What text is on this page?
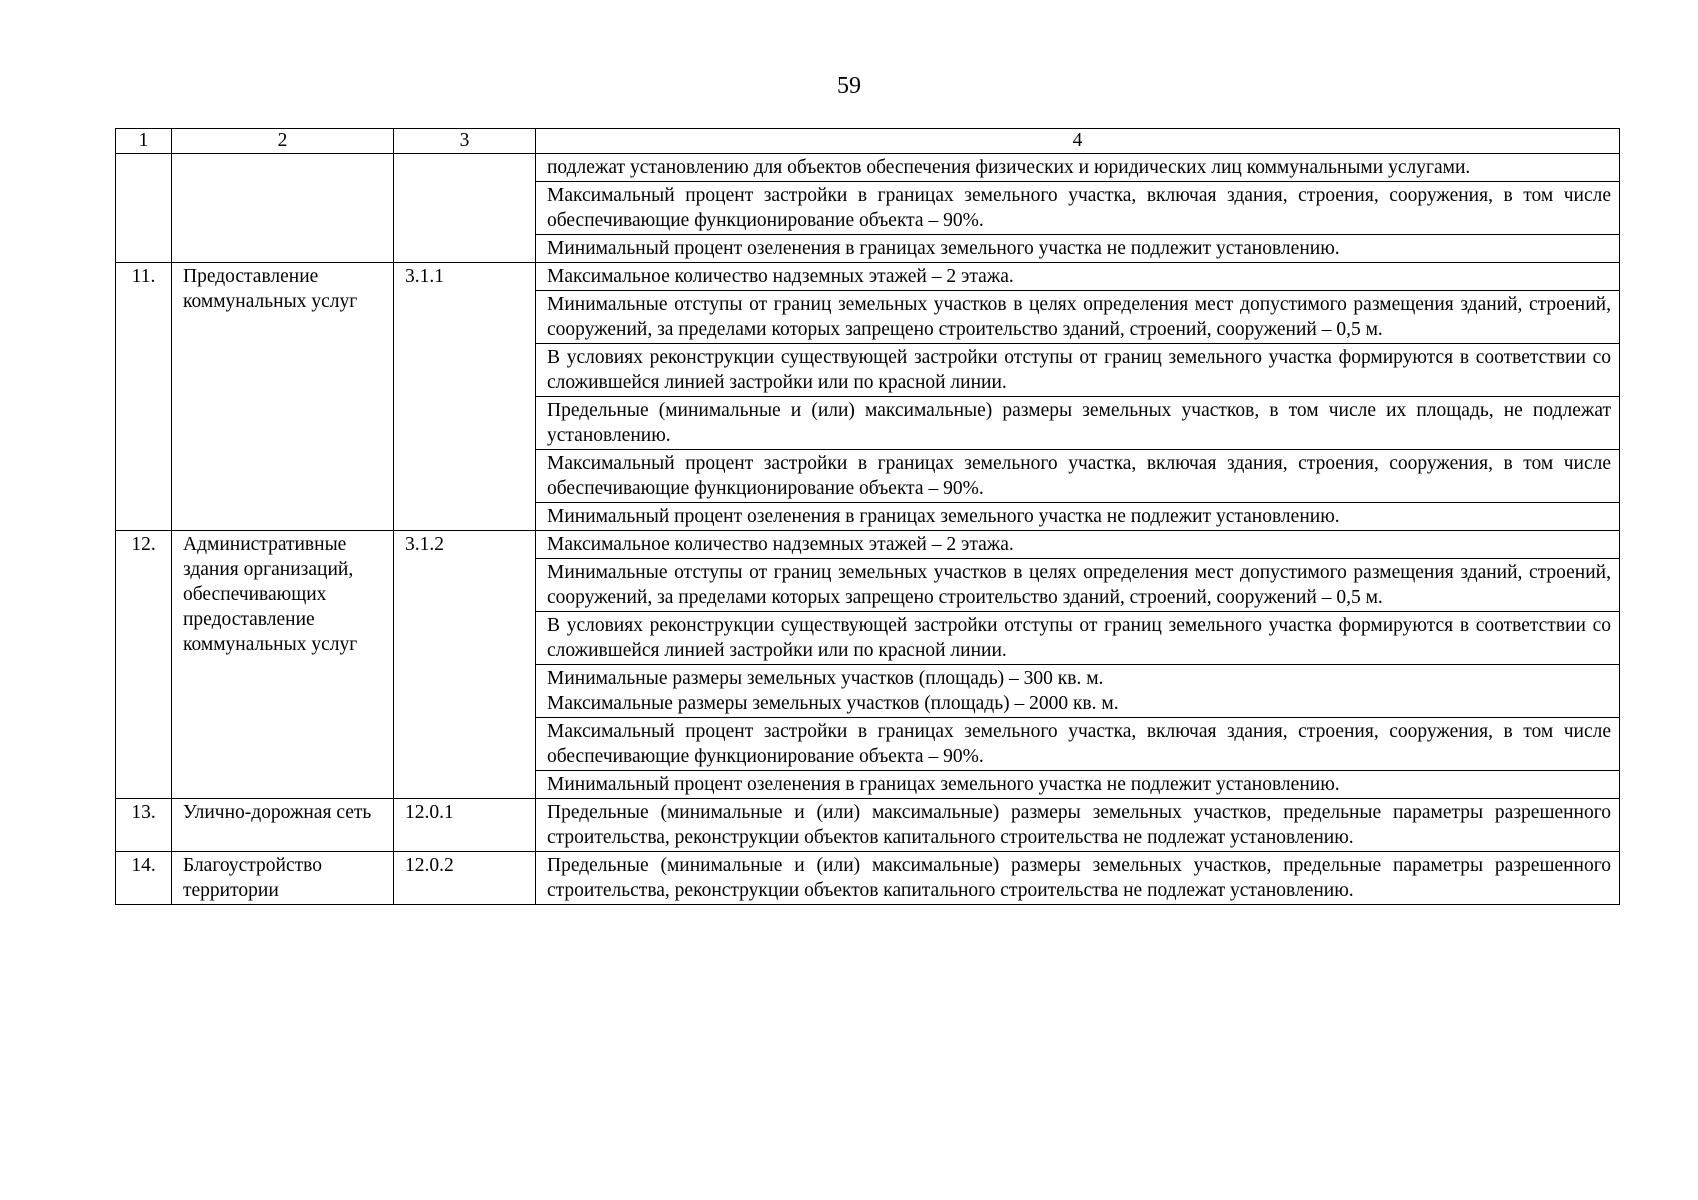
59
1	2	3	4

			подлежат установлению для объектов обеспечения физических и юридических лиц коммунальными услугами.

			Максимальный процент застройки в границах земельного участка, включая здания, строения, сооружения, в том числе обеспечивающие функционирование объекта – 90%.

			Минимальный процент озеленения в границах земельного участка не подлежит установлению.

11.	Предоставление коммунальных услуг	3.1.1	Максимальное количество надземных этажей – 2 этажа.

			Минимальные отступы от границ земельных участков в целях определения мест допустимого размещения зданий, строений, сооружений, за пределами которых запрещено строительство зданий, строений, сооружений – 0,5 м.

			В условиях реконструкции существующей застройки отступы от границ земельного участка формируются в соответствии со сложившейся линией застройки или по красной линии.

			Предельные (минимальные и (или) максимальные) размеры земельных участков, в том числе их площадь, не подлежат установлению.

			Максимальный процент застройки в границах земельного участка, включая здания, строения, сооружения, в том числе обеспечивающие функционирование объекта – 90%.

			Минимальный процент озеленения в границах земельного участка не подлежит установлению.

12.	Административные здания организаций, обеспечивающих предоставление коммунальных услуг	3.1.2	Максимальное количество надземных этажей – 2 этажа.

			Минимальные отступы от границ земельных участков в целях определения мест допустимого размещения зданий, строений, сооружений, за пределами которых запрещено строительство зданий, строений, сооружений – 0,5 м.

			В условиях реконструкции существующей застройки отступы от границ земельного участка формируются в соответствии со сложившейся линией застройки или по красной линии.

			Минимальные размеры земельных участков (площадь) – 300 кв. м.
Максимальные размеры земельных участков (площадь) – 2000 кв. м.

			Максимальный процент застройки в границах земельного участка, включая здания, строения, сооружения, в том числе обеспечивающие функционирование объекта – 90%.

			Минимальный процент озеленения в границах земельного участка не подлежит установлению.

13.	Улично-дорожная сеть	12.0.1	Предельные (минимальные и (или) максимальные) размеры земельных участков, предельные параметры разрешенного строительства, реконструкции объектов капитального строительства не подлежат установлению.

14.	Благоустройство территории	12.0.2	Предельные (минимальные и (или) максимальные) размеры земельных участков, предельные параметры разрешенного строительства, реконструкции объектов капитального строительства не подлежат установлению.
